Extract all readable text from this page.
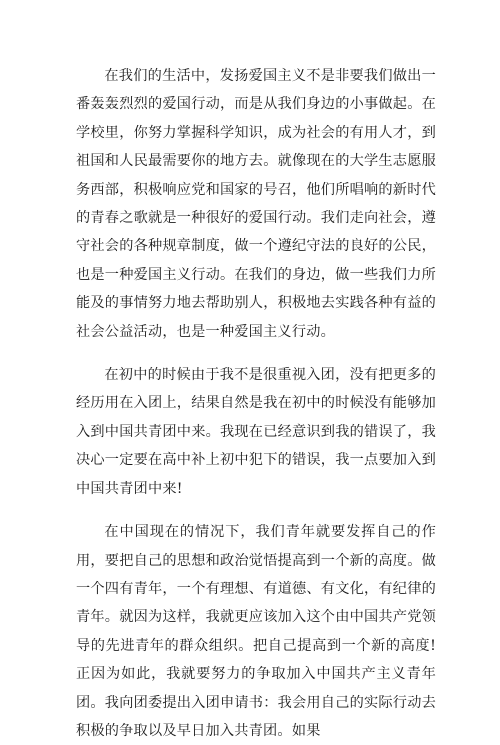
在我们的生活中，发扬爱国主义不是非要我们做出一番轰轰烈烈的爱国行动，而是从我们身边的小事做起。在学校里，你努力掌握科学知识，成为社会的有用人才，到祖国和人民最需要你的地方去。就像现在的大学生志愿服务西部，积极响应党和国家的号召，他们所唱响的新时代的青春之歌就是一种很好的爱国行动。我们走向社会，遵守社会的各种规章制度，做一个遵纪守法的良好的公民，也是一种爱国主义行动。在我们的身边，做一些我们力所能及的事情努力地去帮助别人，积极地去实践各种有益的社会公益活动，也是一种爱国主义行动。

在初中的时候由于我不是很重视入团，没有把更多的经历用在入团上，结果自然是我在初中的时候没有能够加入到中国共青团中来。我现在已经意识到我的错误了，我决心一定要在高中补上初中犯下的错误，我一点要加入到中国共青团中来!

在中国现在的情况下，我们青年就要发挥自己的作用，要把自己的思想和政治觉悟提高到一个新的高度。做一个四有青年，一个有理想、有道德、有文化，有纪律的青年。就因为这样，我就更应该加入这个由中国共产党领导的先进青年的群众组织。把自己提高到一个新的高度!正因为如此，我就要努力的争取加入中国共产主义青年团。我向团委提出入团申请书：我会用自己的实际行动去积极的争取以及早日加入共青团。如果
